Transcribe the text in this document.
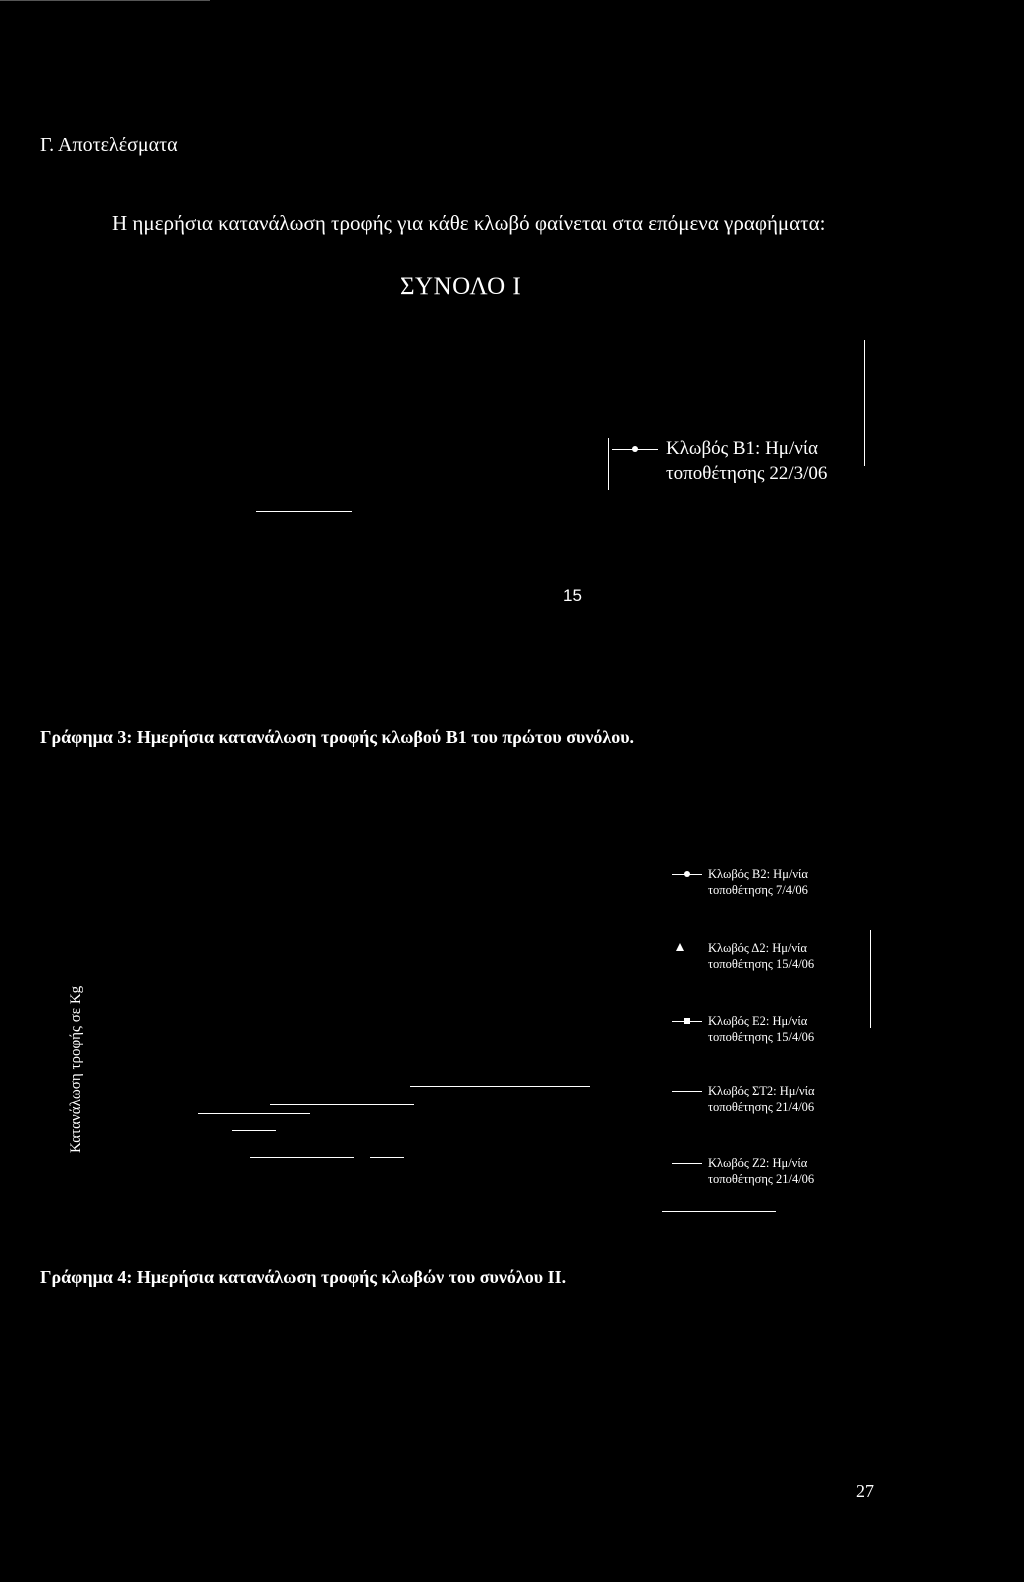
Γ. Αποτελέσματα
Η ημερήσια κατανάλωση τροφής για κάθε κλωβό φαίνεται στα επόμενα γραφήματα:
ΣΥΝΟΛΟ Ι
Κλωβός Β1: Ημ/νία
τοποθέτησης 22/3/06
15
Γράφημα 3: Ημερήσια κατανάλωση τροφής κλωβού Β1 του πρώτου συνόλου.
Κατανάλωση τροφής σε Kg
Κλωβός Β2: Ημ/νία
τοποθέτησης 7/4/06
Κλωβός Δ2: Ημ/νία
τοποθέτησης 15/4/06
Κλωβός Ε2: Ημ/νία
τοποθέτησης 15/4/06
Κλωβός ΣΤ2: Ημ/νία
τοποθέτησης 21/4/06
Κλωβός Ζ2: Ημ/νία
τοποθέτησης 21/4/06
Γράφημα 4: Ημερήσια κατανάλωση τροφής κλωβών του συνόλου ΙΙ.
27
